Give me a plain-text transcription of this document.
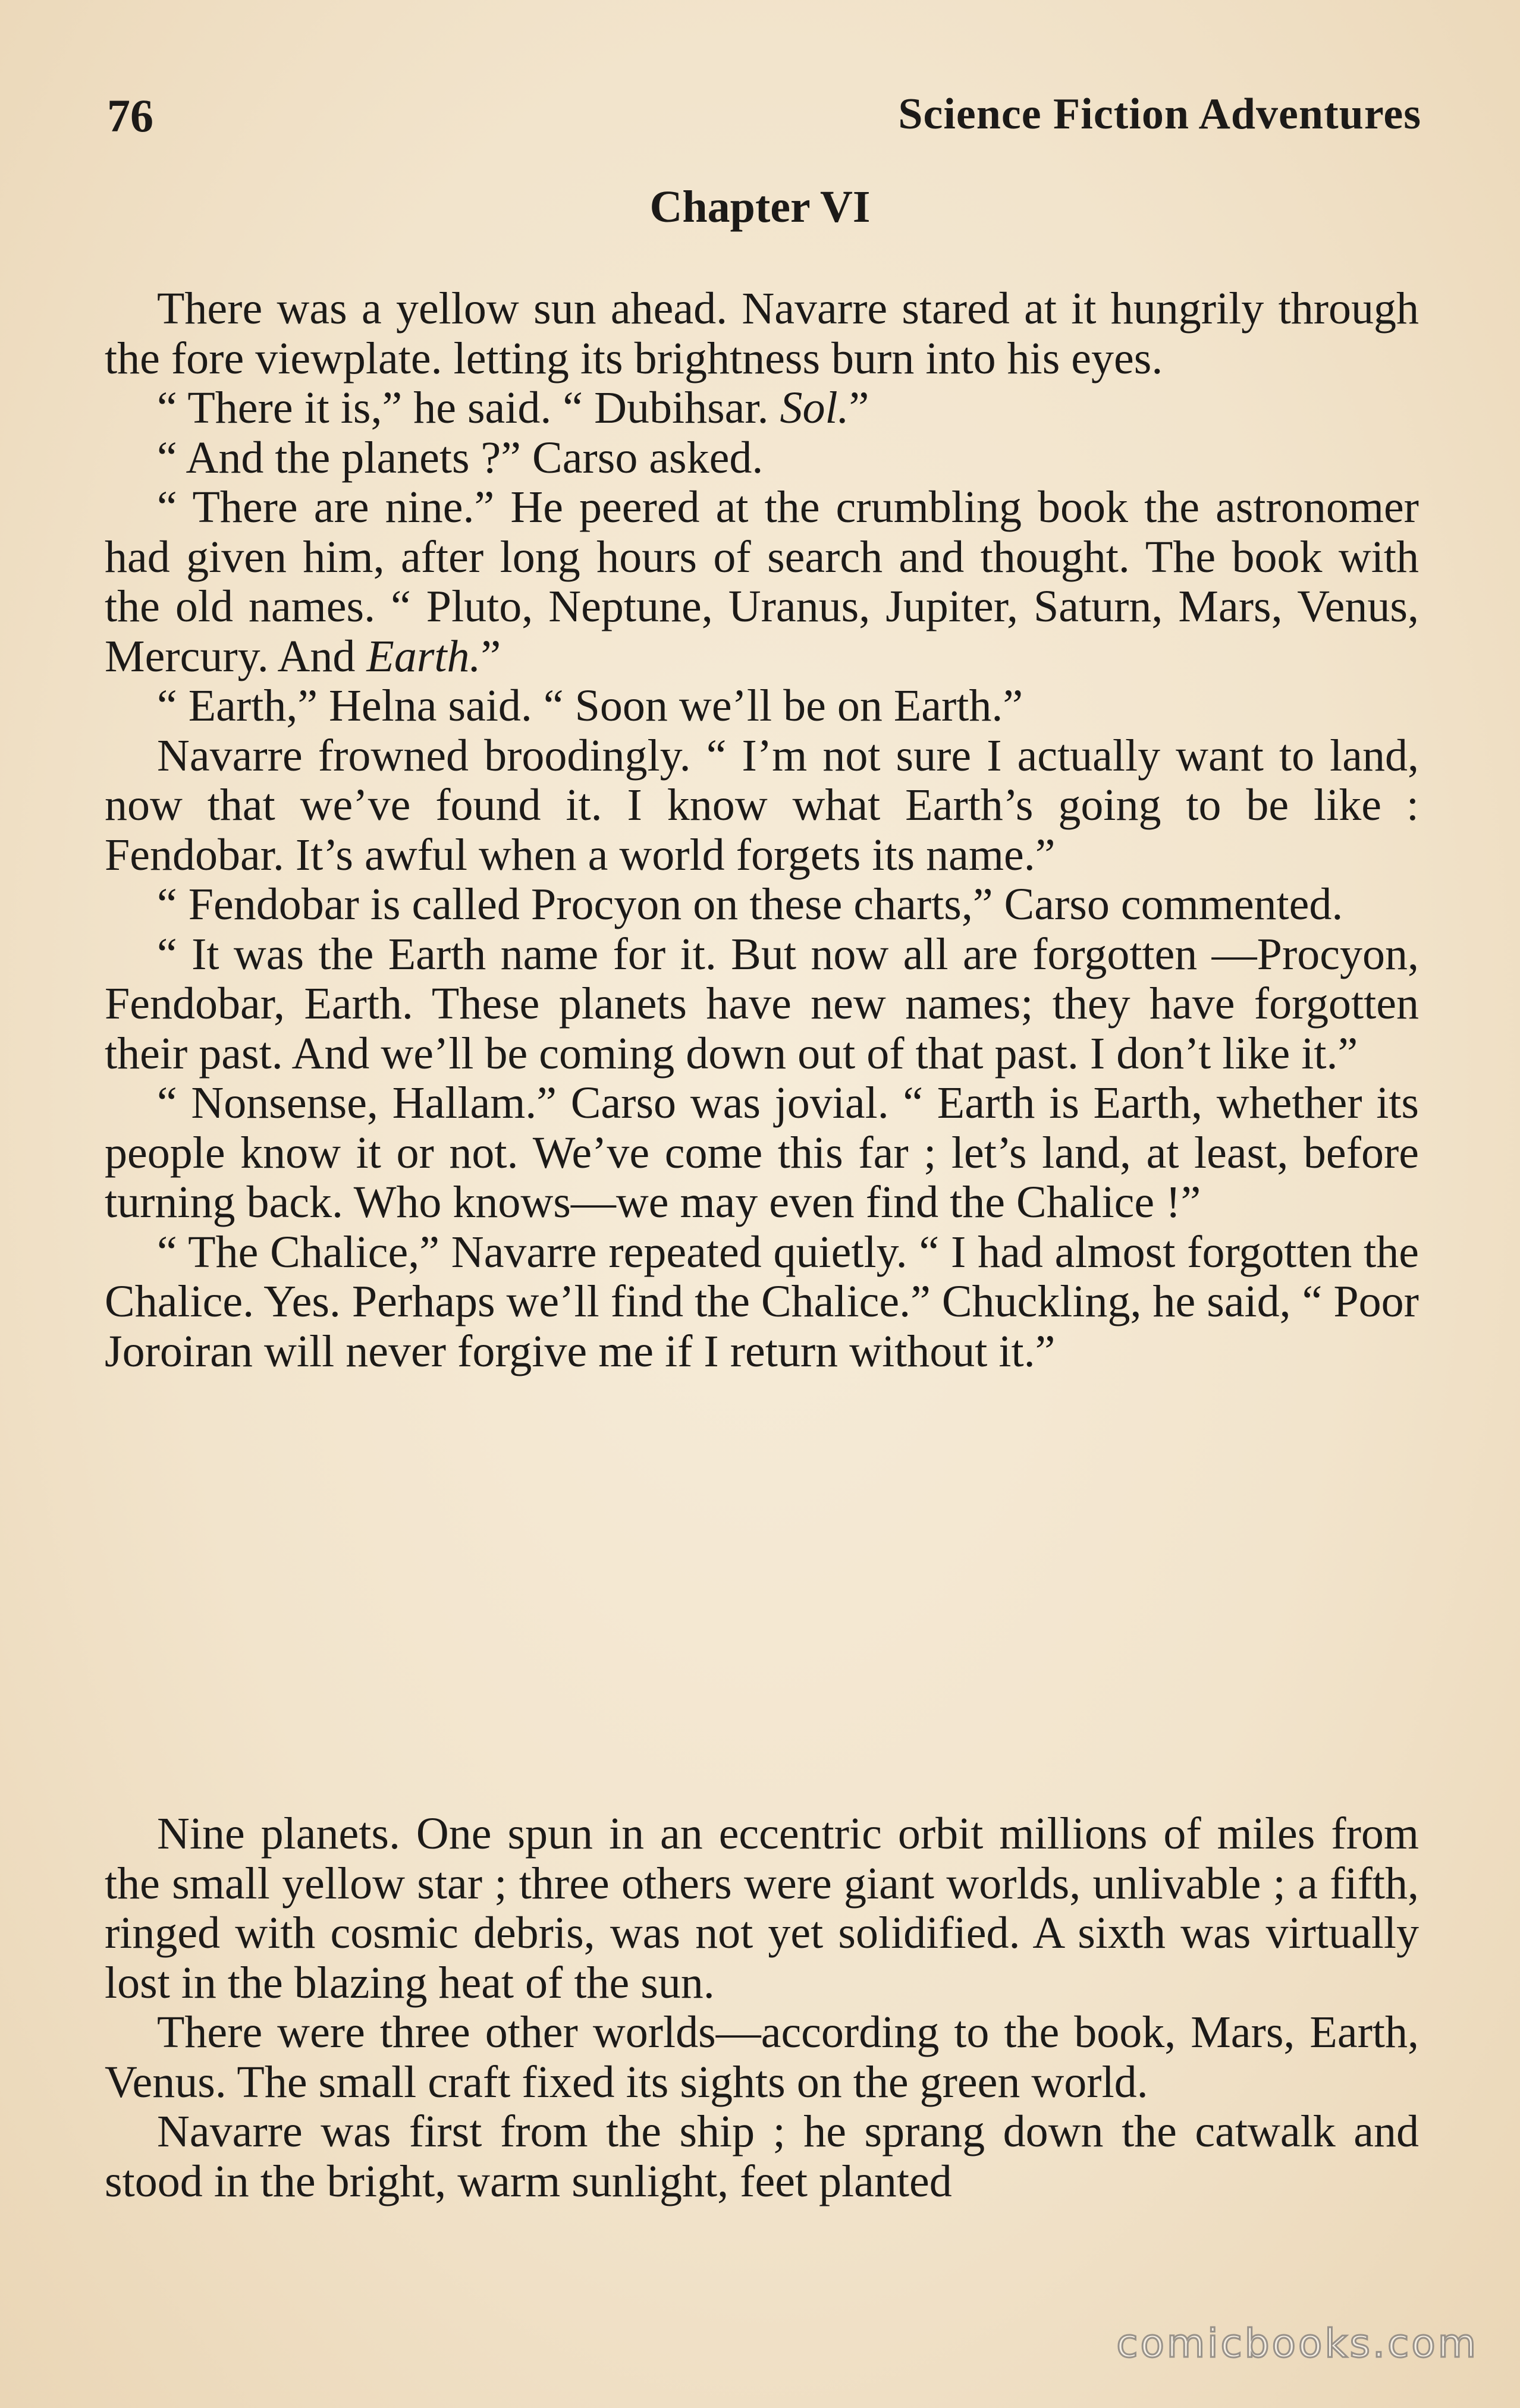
76	Science Fiction Adventures
Chapter VI

There was a yellow sun ahead. Navarre stared at it hungrily through the fore viewplate. letting its brightness burn into his eyes.

“ There it is,” he said. “ Dubihsar. Sol.”

“ And the planets ?” Carso asked.

“ There are nine.” He peered at the crumbling book the astronomer had given him, after long hours of search and thought. The book with the old names. “ Pluto, Neptune, Uranus, Jupiter, Saturn, Mars, Venus, Mercury. And Earth.”

“ Earth,” Helna said. “ Soon we’ll be on Earth.”

Navarre frowned broodingly. “ I’m not sure I actually want to land, now that we’ve found it. I know what Earth’s going to be like : Fendobar. It’s awful when a world forgets its name.”

“ Fendobar is called Procyon on these charts,” Carso commented.

“ It was the Earth name for it. But now all are forgotten —Procyon, Fendobar, Earth. These planets have new names; they have forgotten their past. And we’ll be coming down out of that past. I don’t like it.”

“ Nonsense, Hallam.” Carso was jovial. “ Earth is Earth, whether its people know it or not. We’ve come this far ; let’s land, at least, before turning back. Who knows—we may even find the Chalice !”

“ The Chalice,” Navarre repeated quietly. “ I had almost forgotten the Chalice. Yes. Perhaps we’ll find the Chalice.” Chuckling, he said, “ Poor Joroiran will never forgive me if I return without it.”

Nine planets. One spun in an eccentric orbit millions of miles from the small yellow star ; three others were giant worlds, unlivable ; a fifth, ringed with cosmic debris, was not yet solidified. A sixth was virtually lost in the blazing heat of the sun.

There were three other worlds—according to the book, Mars, Earth, Venus. The small craft fixed its sights on the green world.

Navarre was first from the ship ; he sprang down the catwalk and stood in the bright, warm sunlight, feet planted

comicbooks.com
